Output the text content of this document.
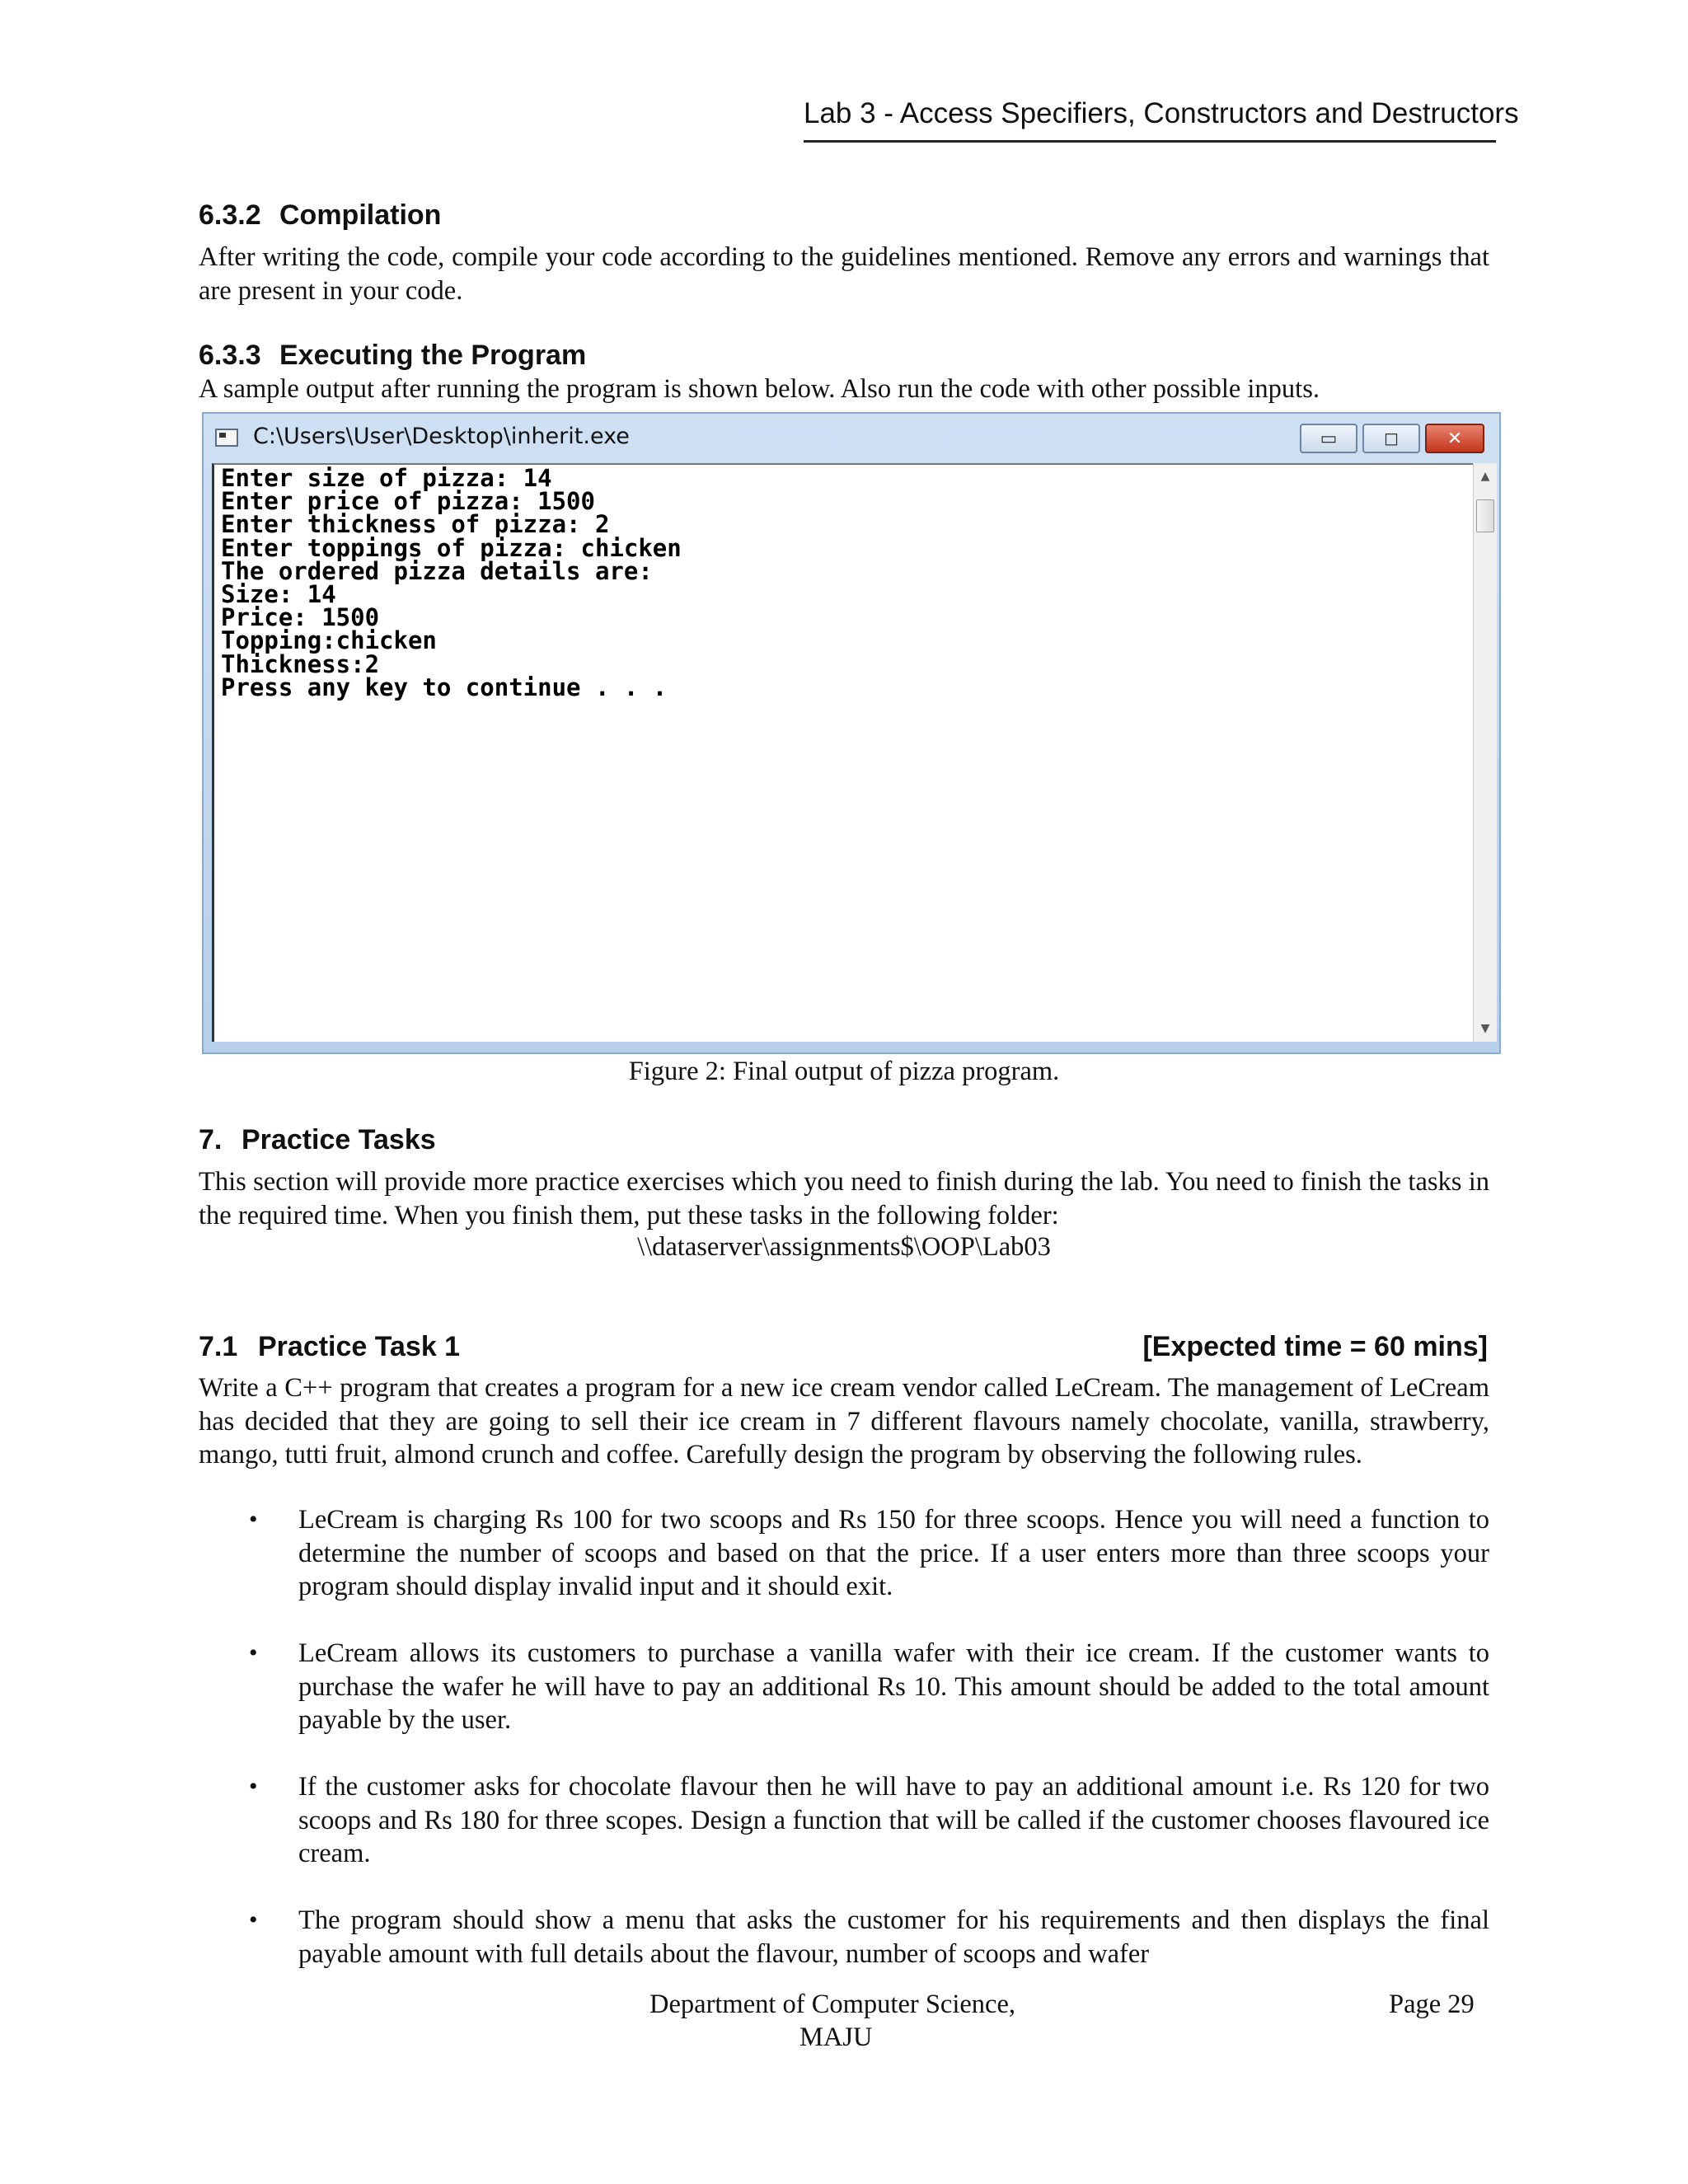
Lab 3 - Access Specifiers, Constructors and Destructors
6.3.2 Compilation
After writing the code, compile your code according to the guidelines mentioned. Remove any errors and warnings that are present in your code.
6.3.3 Executing the Program
A sample output after running the program is shown below. Also run the code with other possible inputs.
C:\Users\User\Desktop\inherit.exe	▭	◻	✕
Enter size of pizza: 14
Enter price of pizza: 1500
Enter thickness of pizza: 2
Enter toppings of pizza: chicken
The ordered pizza details are:
Size: 14
Price: 1500
Topping:chicken
Thickness:2
Press any key to continue . . .
▲
▼
Figure 2: Final output of pizza program.
7. Practice Tasks
This section will provide more practice exercises which you need to finish during the lab. You need to finish the tasks in the required time. When you finish them, put these tasks in the following folder:
\\dataserver\assignments$\OOP\Lab03
7.1 Practice Task 1	[Expected time = 60 mins]
Write a C++ program that creates a program for a new ice cream vendor called LeCream. The management of LeCream has decided that they are going to sell their ice cream in 7 different flavours namely chocolate, vanilla, strawberry, mango, tutti fruit, almond crunch and coffee. Carefully design the program by observing the following rules.
• LeCream is charging Rs 100 for two scoops and Rs 150 for three scoops. Hence you will need a function to determine the number of scoops and based on that the price. If a user enters more than three scoops your program should display invalid input and it should exit.
• LeCream allows its customers to purchase a vanilla wafer with their ice cream. If the customer wants to purchase the wafer he will have to pay an additional Rs 10. This amount should be added to the total amount payable by the user.
• If the customer asks for chocolate flavour then he will have to pay an additional amount i.e. Rs 120 for two scoops and Rs 180 for three scopes. Design a function that will be called if the customer chooses flavoured ice cream.
• The program should show a menu that asks the customer for his requirements and then displays the final payable amount with full details about the flavour, number of scoops and wafer
Department of Computer Science,
MAJU
Page 29
